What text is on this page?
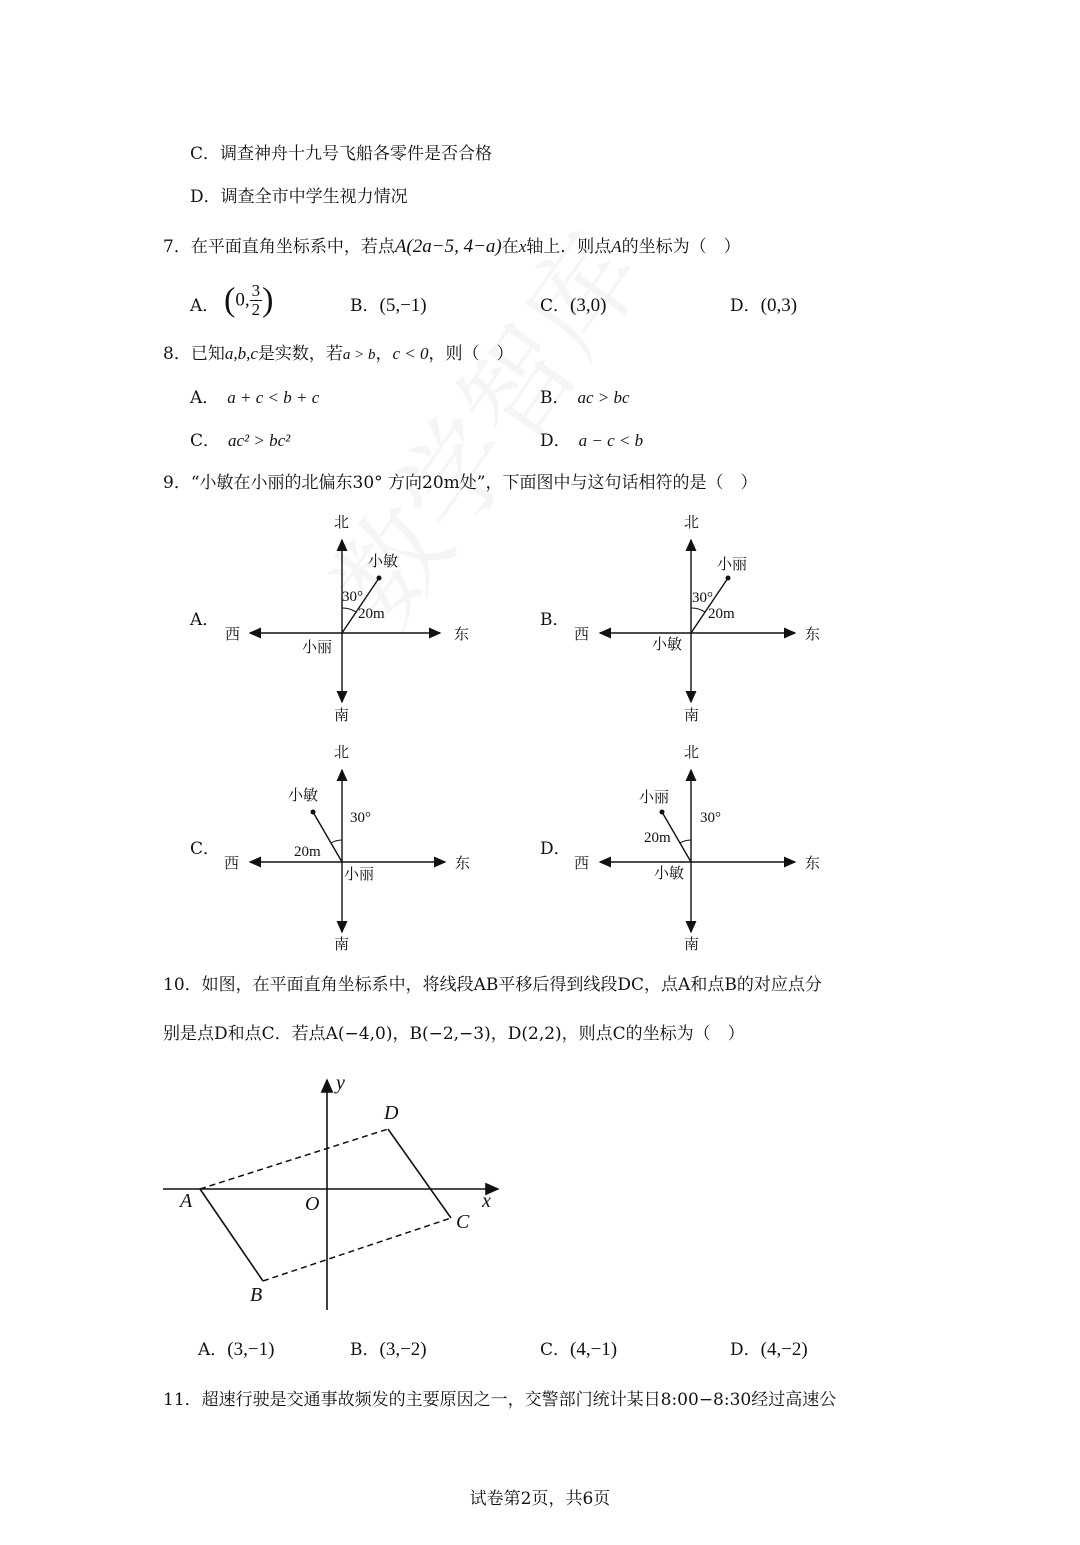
C．调查神舟十九号飞船各零件是否合格
D．调查全市中学生视力情况
7．在平面直角坐标系中，若点A(2a−5, 4−a)在x轴上．则点A的坐标为（　）
A． (0, $\frac{3}{2}$ )	B．(5,−1)	C．(3,0)	D．(0,3)
8．已知a,b,c是实数，若a > b，c < 0，则（　）
A． a + c < b + c	B． ac > bc
C． ac² > bc²	D． a − c < b
9．“小敏在小丽的北偏东30° 方向20m处”，下面图中与这句话相符的是（　）
A．
北
南
西	东
小敏
30°
20m
小丽
B．
北
南
西	东
小丽
30°
20m
小敏
C．
北
南
西	东
小敏
30°
20m
小丽
D．
北
南
西	东
小丽
30°
20m
小敏
10．如图，在平面直角坐标系中，将线段AB平移后得到线段DC，点A和点B的对应点分
别是点D和点C．若点A(−4,0)，B(−2,−3)，D(2,2)，则点C的坐标为（　）
y
x
O
A
B
C
D
A．(3,−1)	B．(3,−2)	C．(4,−1)	D．(4,−2)
11．超速行驶是交通事故频发的主要原因之一，交警部门统计某日8:00−8:30经过高速公
试卷第2页，共6页
